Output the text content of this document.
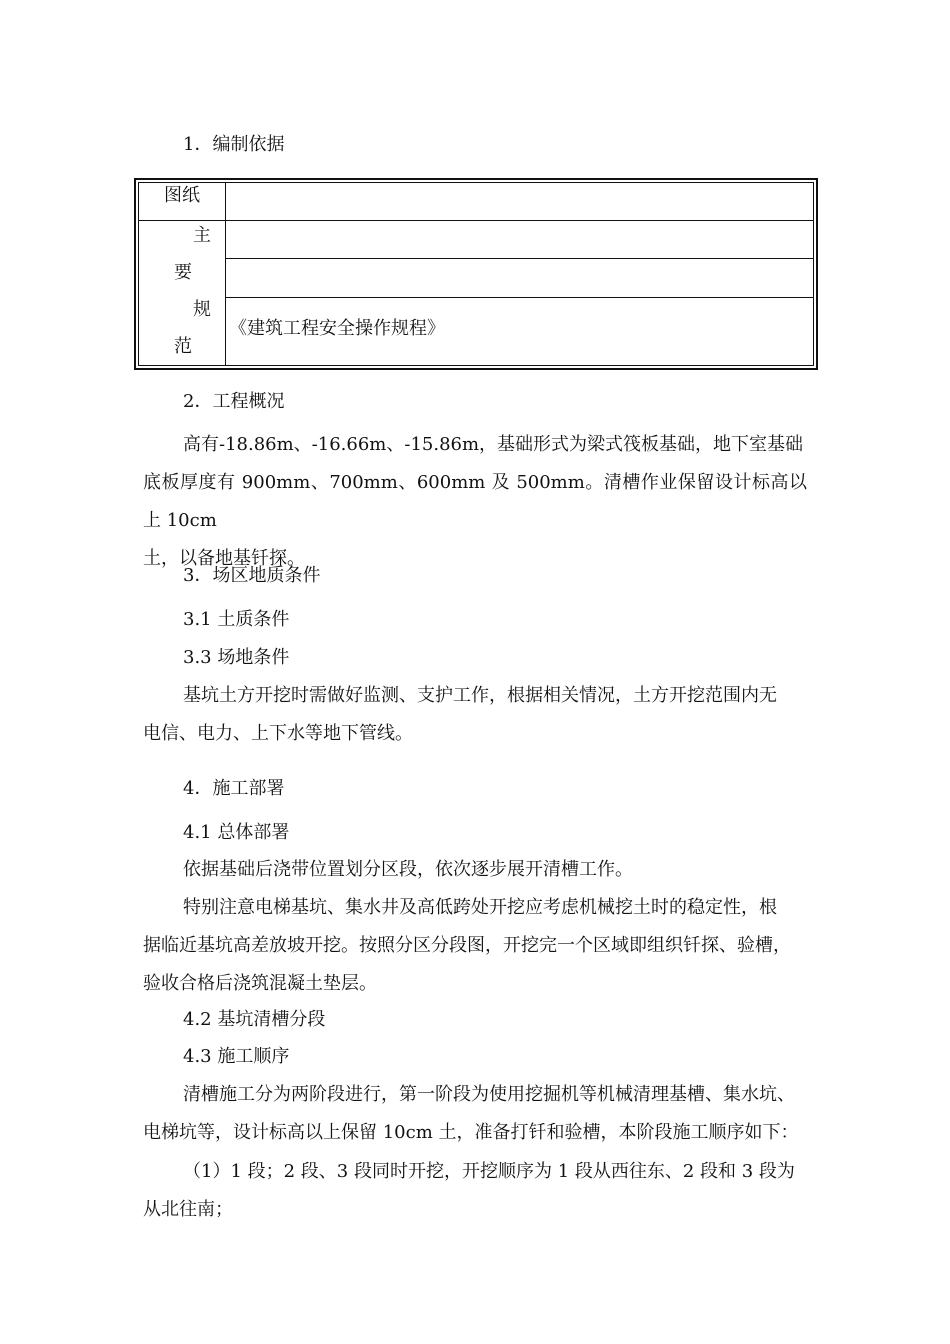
1．编制依据
图纸
主
要
规
范
《建筑工程安全操作规程》
2．工程概况
高有-18.86m、-16.66m、-15.86m，基础形式为梁式筏板基础，地下室基础
底板厚度有 900mm、700mm、600mm 及 500mm。清槽作业保留设计标高以上 10cm
土，以备地基钎探。
3．场区地质条件
3.1 土质条件
3.3 场地条件
基坑土方开挖时需做好监测、支护工作，根据相关情况，土方开挖范围内无
电信、电力、上下水等地下管线。
4．施工部署
4.1 总体部署
依据基础后浇带位置划分区段，依次逐步展开清槽工作。
特别注意电梯基坑、集水井及高低跨处开挖应考虑机械挖土时的稳定性，根
据临近基坑高差放坡开挖。按照分区分段图，开挖完一个区域即组织钎探、验槽，
验收合格后浇筑混凝土垫层。
4.2 基坑清槽分段
4.3 施工顺序
清槽施工分为两阶段进行，第一阶段为使用挖掘机等机械清理基槽、集水坑、
电梯坑等，设计标高以上保留 10cm 土，准备打钎和验槽，本阶段施工顺序如下：
（1）1 段；2 段、3 段同时开挖，开挖顺序为 1 段从西往东、2 段和 3 段为
从北往南；
